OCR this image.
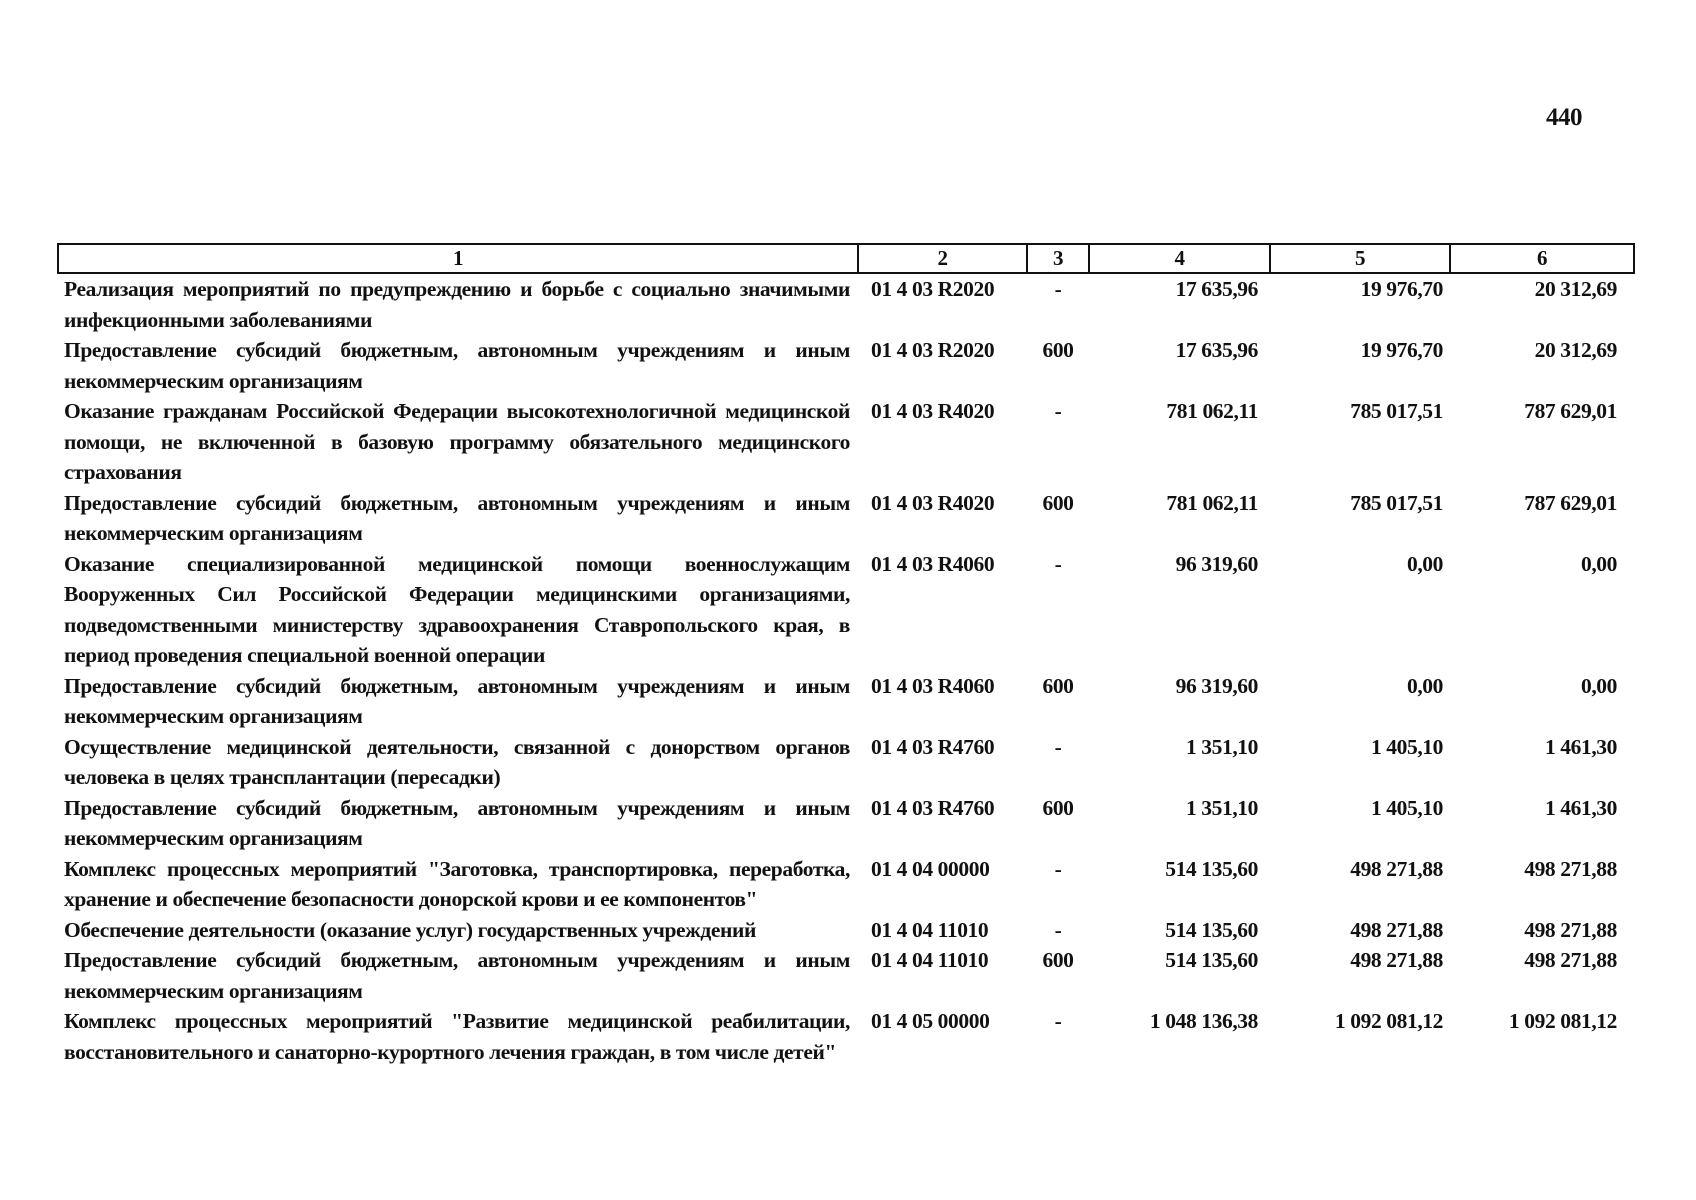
440
1	2	3	4	5	6
Реализация мероприятий по предупреждению и борьбе с социально значимыми инфекционными заболеваниями	01 4 03 R2020	-	17 635,96	19 976,70	20 312,69
Предоставление субсидий бюджетным, автономным учреждениям и иным некоммерческим организациям	01 4 03 R2020	600	17 635,96	19 976,70	20 312,69
Оказание гражданам Российской Федерации высокотехнологичной медицинской помощи, не включенной в базовую программу обязательного медицинского страхования	01 4 03 R4020	-	781 062,11	785 017,51	787 629,01
Предоставление субсидий бюджетным, автономным учреждениям и иным некоммерческим организациям	01 4 03 R4020	600	781 062,11	785 017,51	787 629,01
Оказание специализированной медицинской помощи военнослужащим Вооруженных Сил Российской Федерации медицинскими организациями, подведомственными министерству здравоохранения Ставропольского края, в период проведения специальной военной операции	01 4 03 R4060	-	96 319,60	0,00	0,00
Предоставление субсидий бюджетным, автономным учреждениям и иным некоммерческим организациям	01 4 03 R4060	600	96 319,60	0,00	0,00
Осуществление медицинской деятельности, связанной с донорством органов человека в целях трансплантации (пересадки)	01 4 03 R4760	-	1 351,10	1 405,10	1 461,30
Предоставление субсидий бюджетным, автономным учреждениям и иным некоммерческим организациям	01 4 03 R4760	600	1 351,10	1 405,10	1 461,30
Комплекс процессных мероприятий "Заготовка, транспортировка, переработка, хранение и обеспечение безопасности донорской крови и ее компонентов"	01 4 04 00000	-	514 135,60	498 271,88	498 271,88
Обеспечение деятельности (оказание услуг) государственных учреждений	01 4 04 11010	-	514 135,60	498 271,88	498 271,88
Предоставление субсидий бюджетным, автономным учреждениям и иным некоммерческим организациям	01 4 04 11010	600	514 135,60	498 271,88	498 271,88
Комплекс процессных мероприятий "Развитие медицинской реабилитации, восстановительного и санаторно-курортного лечения граждан, в том числе детей"	01 4 05 00000	-	1 048 136,38	1 092 081,12	1 092 081,12
